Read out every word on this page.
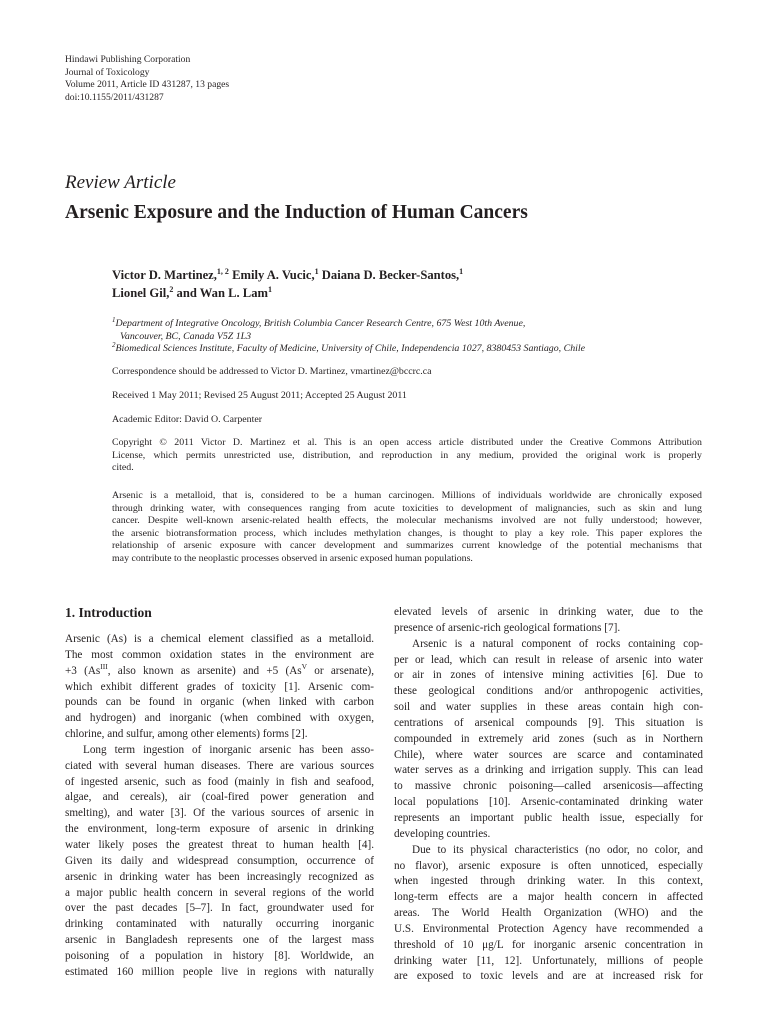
Hindawi Publishing Corporation
Journal of Toxicology
Volume 2011, Article ID 431287, 13 pages
doi:10.1155/2011/431287
Review Article
Arsenic Exposure and the Induction of Human Cancers
Victor D. Martinez,$^{1, 2}$ Emily A. Vucic,$^1$ Daiana D. Becker-Santos,$^1$
Lionel Gil,$^2$ and Wan L. Lam$^1$
$^1$Department of Integrative Oncology, British Columbia Cancer Research Centre, 675 West 10th Avenue,
Vancouver, BC, Canada V5Z 1L3
$^2$Biomedical Sciences Institute, Faculty of Medicine, University of Chile, Independencia 1027, 8380453 Santiago, Chile
Correspondence should be addressed to Victor D. Martinez, vmartinez@bccrc.ca
Received 1 May 2011; Revised 25 August 2011; Accepted 25 August 2011
Academic Editor: David O. Carpenter
Copyright © 2011 Victor D. Martinez et al. This is an open access article distributed under the Creative Commons Attribution
License, which permits unrestricted use, distribution, and reproduction in any medium, provided the original work is properly
cited.
Arsenic is a metalloid, that is, considered to be a human carcinogen. Millions of individuals worldwide are chronically exposed
through drinking water, with consequences ranging from acute toxicities to development of malignancies, such as skin and lung
cancer. Despite well-known arsenic-related health effects, the molecular mechanisms involved are not fully understood; however,
the arsenic biotransformation process, which includes methylation changes, is thought to play a key role. This paper explores the
relationship of arsenic exposure with cancer development and summarizes current knowledge of the potential mechanisms that
may contribute to the neoplastic processes observed in arsenic exposed human populations.
1. Introduction
Arsenic (As) is a chemical element classified as a metalloid.
The most common oxidation states in the environment are
+3 ($As^{III}$, also known as arsenite) and +5 ($As^V$ or arsenate),
which exhibit different grades of toxicity [1]. Arsenic com-
pounds can be found in organic (when linked with carbon
and hydrogen) and inorganic (when combined with oxygen,
chlorine, and sulfur, among other elements) forms [2].
Long term ingestion of inorganic arsenic has been asso-
ciated with several human diseases. There are various sources
of ingested arsenic, such as food (mainly in fish and seafood,
algae, and cereals), air (coal-fired power generation and
smelting), and water [3]. Of the various sources of arsenic in
the environment, long-term exposure of arsenic in drinking
water likely poses the greatest threat to human health [4].
Given its daily and widespread consumption, occurrence of
arsenic in drinking water has been increasingly recognized as
a major public health concern in several regions of the world
over the past decades [5–7]. In fact, groundwater used for
drinking contaminated with naturally occurring inorganic
arsenic in Bangladesh represents one of the largest mass
poisoning of a population in history [8]. Worldwide, an
estimated 160 million people live in regions with naturally
elevated levels of arsenic in drinking water, due to the
presence of arsenic-rich geological formations [7].
Arsenic is a natural component of rocks containing cop-
per or lead, which can result in release of arsenic into water
or air in zones of intensive mining activities [6]. Due to
these geological conditions and/or anthropogenic activities,
soil and water supplies in these areas contain high con-
centrations of arsenical compounds [9]. This situation is
compounded in extremely arid zones (such as in Northern
Chile), where water sources are scarce and contaminated
water serves as a drinking and irrigation supply. This can lead
to massive chronic poisoning—called arsenicosis—affecting
local populations [10]. Arsenic-contaminated drinking water
represents an important public health issue, especially for
developing countries.
Due to its physical characteristics (no odor, no color, and
no flavor), arsenic exposure is often unnoticed, especially
when ingested through drinking water. In this context,
long-term effects are a major health concern in affected
areas. The World Health Organization (WHO) and the
U.S. Environmental Protection Agency have recommended a
threshold of 10 μg/L for inorganic arsenic concentration in
drinking water [11, 12]. Unfortunately, millions of people
are exposed to toxic levels and are at increased risk for
